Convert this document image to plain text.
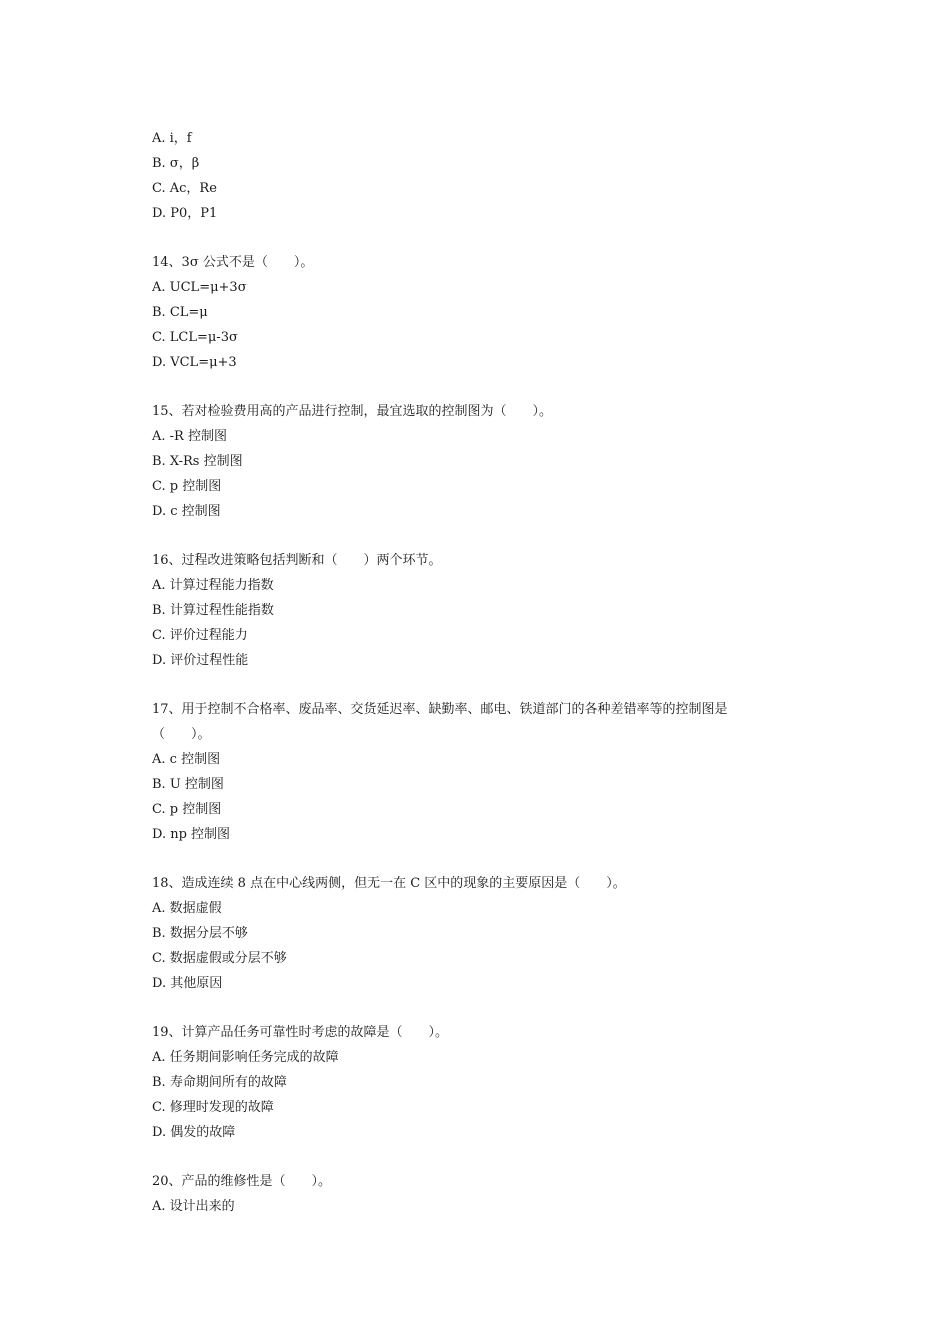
A. i，f
B. σ，β
C. Ac，Re
D. P0，P1
14、3σ 公式不是（　　）。
A. UCL=μ+3σ
B. CL=μ
C. LCL=μ-3σ
D. VCL=μ+3
15、若对检验费用高的产品进行控制，最宜选取的控制图为（　　）。
A. -R 控制图
B. X-Rs 控制图
C. p 控制图
D. c 控制图
16、过程改进策略包括判断和（　　）两个环节。
A. 计算过程能力指数
B. 计算过程性能指数
C. 评价过程能力
D. 评价过程性能
17、用于控制不合格率、废品率、交货延迟率、缺勤率、邮电、铁道部门的各种差错率等的控制图是
（　　）。
A. c 控制图
B. U 控制图
C. p 控制图
D. np 控制图
18、造成连续 8 点在中心线两侧，但无一在 C 区中的现象的主要原因是（　　）。
A. 数据虚假
B. 数据分层不够
C. 数据虚假或分层不够
D. 其他原因
19、计算产品任务可靠性时考虑的故障是（　　）。
A. 任务期间影响任务完成的故障
B. 寿命期间所有的故障
C. 修理时发现的故障
D. 偶发的故障
20、产品的维修性是（　　）。
A. 设计出来的
